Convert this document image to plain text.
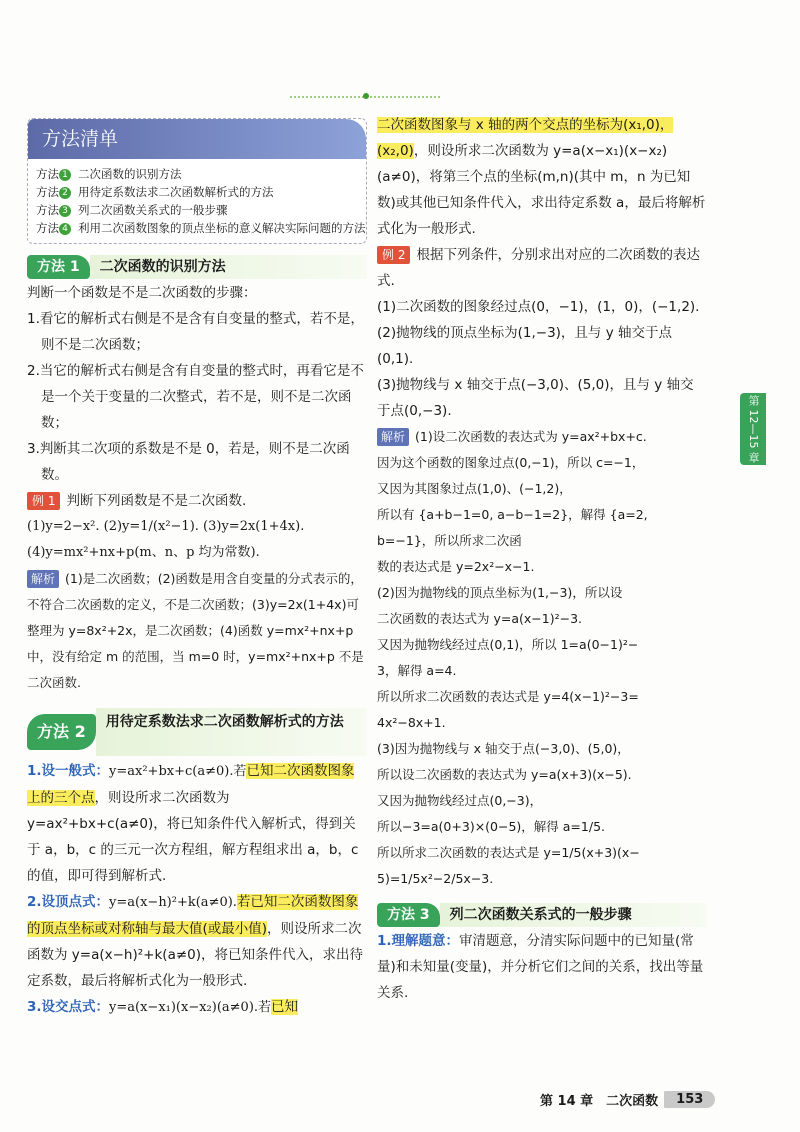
方法清单
方法 1 二次函数的识别方法
方法 2 用待定系数法求二次函数解析式的方法
方法 3 列二次函数关系式的一般步骤
方法 4 利用二次函数图象的顶点坐标的意义解决实际问题的方法
方法 1	二次函数的识别方法

判断一个函数是不是二次函数的步骤：

1.看它的解析式右侧是不是含有自变量的整式，若不是，则不是二次函数；

2.当它的解析式右侧是含有自变量的整式时，再看它是不是一个关于变量的二次整式，若不是，则不是二次函数；

3.判断其二次项的系数是不是 0，若是，则不是二次函数。

例 1 判断下列函数是不是二次函数.

(1)y=2−x². (2)y=1/(x²−1). (3)y=2x(1+4x).

(4)y=mx²+nx+p(m、n、p 均为常数).

解析 (1)是二次函数；(2)函数是用含自变量的分式表示的，不符合二次函数的定义，不是二次函数；(3)y=2x(1+4x)可整理为 y=8x²+2x，是二次函数；(4)函数 y=mx²+nx+p 中，没有给定 m 的范围，当 m=0 时，y=mx²+nx+p 不是二次函数.

方法 2	用待定系数法求二次函数解析式的方法

1.设一般式：y=ax²+bx+c(a≠0).若已知二次函数图象上的三个点，则设所求二次函数为 y=ax²+bx+c(a≠0)，将已知条件代入解析式，得到关于 a，b，c 的三元一次方程组，解方程组求出 a，b，c 的值，即可得到解析式.

2.设顶点式：y=a(x−h)²+k(a≠0).若已知二次函数图象的顶点坐标或对称轴与最大值(或最小值)，则设所求二次函数为 y=a(x−h)²+k(a≠0)，将已知条件代入，求出待定系数，最后将解析式化为一般形式.

3.设交点式：y=a(x−x₁)(x−x₂)(a≠0).若已知

二次函数图象与 x 轴的两个交点的坐标为(x₁,0)，(x₂,0)，则设所求二次函数为 y=a(x−x₁)(x−x₂)(a≠0)，将第三个点的坐标(m,n)(其中 m，n 为已知数)或其他已知条件代入，求出待定系数 a，最后将解析式化为一般形式.

例 2 根据下列条件，分别求出对应的二次函数的表达式.

(1)二次函数的图象经过点(0，−1)，(1，0)，(−1,2).

(2)抛物线的顶点坐标为(1,−3)，且与 y 轴交于点(0,1).

(3)抛物线与 x 轴交于点(−3,0)、(5,0)，且与 y 轴交于点(0,−3).

解析 (1)设二次函数的表达式为 y=ax²+bx+c.

因为这个函数的图象过点(0,−1)，所以 c=−1，

又因为其图象过点(1,0)、(−1,2)，

所以有 {a+b−1=0, a−b−1=2}，解得 {a=2, b=−1}，所以所求二次函

数的表达式是 y=2x²−x−1.

(2)因为抛物线的顶点坐标为(1,−3)，所以设

二次函数的表达式为 y=a(x−1)²−3.

又因为抛物线经过点(0,1)，所以 1=a(0−1)²−

3，解得 a=4.

所以所求二次函数的表达式是 y=4(x−1)²−3=

4x²−8x+1.

(3)因为抛物线与 x 轴交于点(−3,0)、(5,0)，

所以设二次函数的表达式为 y=a(x+3)(x−5).

又因为抛物线经过点(0,−3)，

所以−3=a(0+3)×(0−5)，解得 a=1/5.

所以所求二次函数的表达式是 y=1/5(x+3)(x−

5)=1/5x²−2/5x−3.

方法 3	列二次函数关系式的一般步骤

1.理解题意：审清题意，分清实际问题中的已知量(常量)和未知量(变量)，并分析它们之间的关系，找出等量关系.

第 12—15 章
第 14 章　二次函数	153
